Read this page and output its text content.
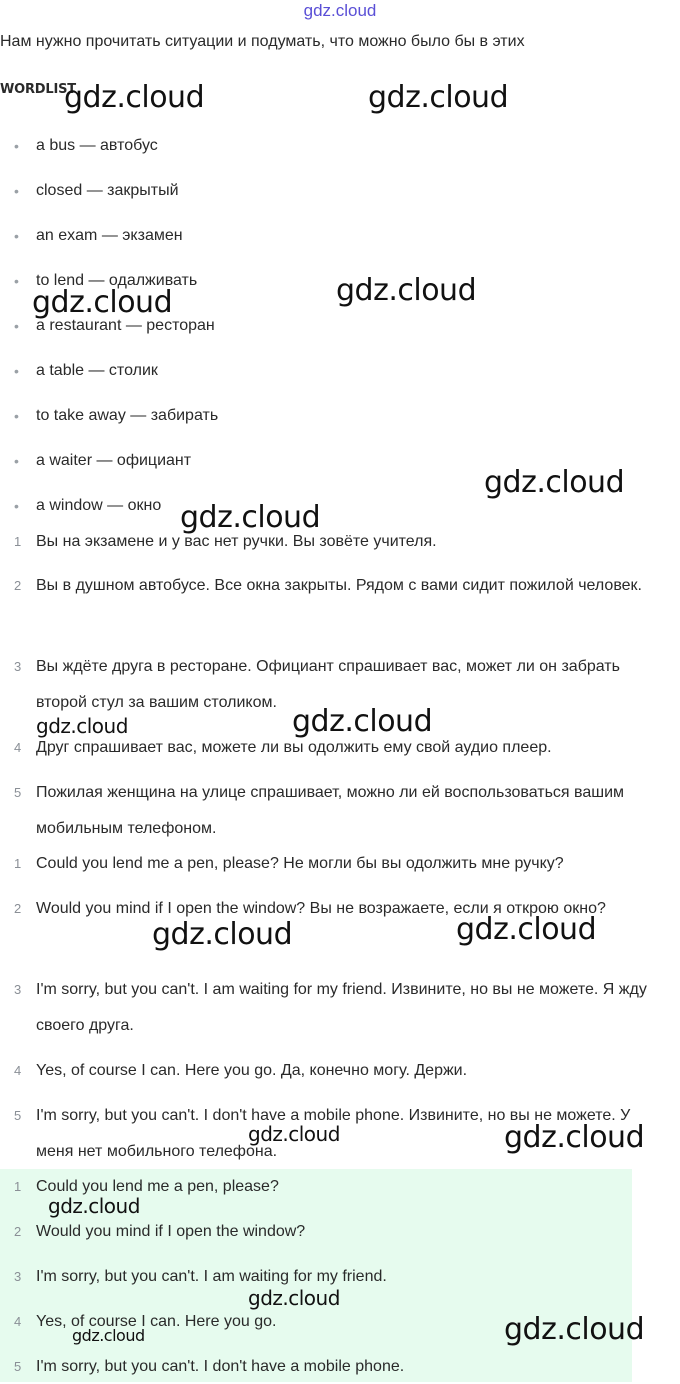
gdz.cloud
Нам нужно прочитать ситуации и подумать, что можно было бы в этих
WORDLIST
• a bus — автобус
• closed — закрытый
• an exam — экзамен
• to lend — одалживать
• a restaurant — ресторан
• a table — столик
• to take away — забирать
• a waiter — официант
• a window — окно
1 Вы на экзамене и у вас нет ручки. Вы зовёте учителя.
2 Вы в душном автобусе. Все окна закрыты. Рядом с вами сидит пожилой человек.
3 Вы ждёте друга в ресторане. Официант спрашивает вас, может ли он забрать второй стул за вашим столиком.
4 Друг спрашивает вас, можете ли вы одолжить ему свой аудио плеер.
5 Пожилая женщина на улице спрашивает, можно ли ей воспользоваться вашим мобильным телефоном.
1 Could you lend me a pen, please? Не могли бы вы одолжить мне ручку?
2 Would you mind if I open the window? Вы не возражаете, если я открою окно?
3 I'm sorry, but you can't. I am waiting for my friend. Извините, но вы не можете. Я жду своего друга.
4 Yes, of course I can. Here you go. Да, конечно могу. Держи.
5 I'm sorry, but you can't. I don't have a mobile phone. Извините, но вы не можете. У меня нет мобильного телефона.
1 Could you lend me a pen, please?
2 Would you mind if I open the window?
3 I'm sorry, but you can't. I am waiting for my friend.
4 Yes, of course I can. Here you go.
5 I'm sorry, but you can't. I don't have a mobile phone.
gdz.cloud	gdz.cloud
gdz.cloud
gdz.cloud
gdz.cloud
gdz.cloud
gdz.cloud	gdz.cloud
gdz.cloud	gdz.cloud
gdz.cloud	gdz.cloud
gdz.cloud
gdz.cloud
gdz.cloud
gdz.cloud
